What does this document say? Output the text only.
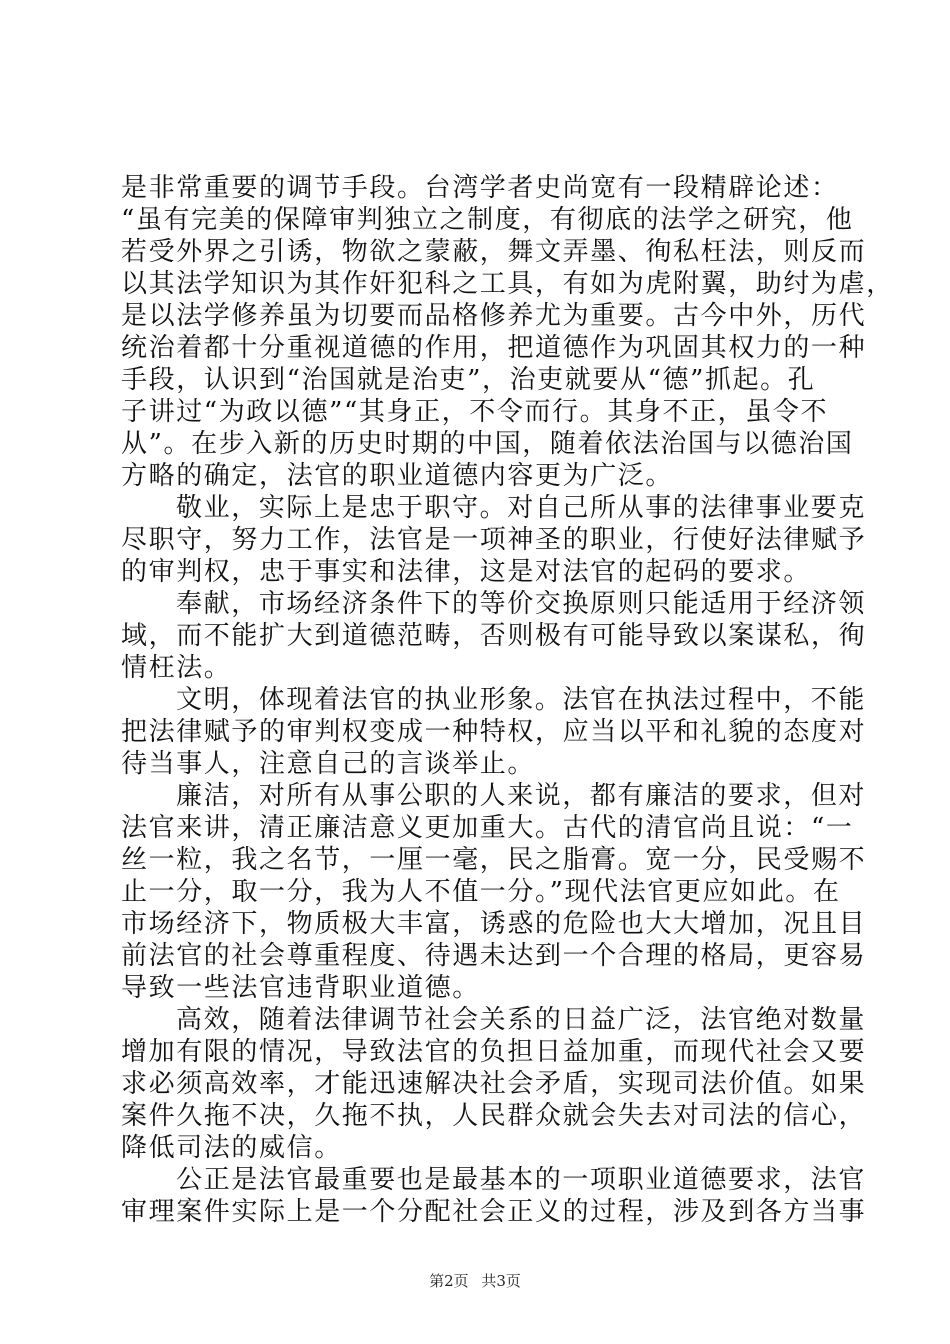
是非常重要的调节手段。台湾学者史尚宽有一段精辟论述：
“虽有完美的保障审判独立之制度，有彻底的法学之研究，他
若受外界之引诱，物欲之蒙蔽，舞文弄墨、徇私枉法，则反而
以其法学知识为其作奸犯科之工具，有如为虎附翼，助纣为虐，
是以法学修养虽为切要而品格修养尤为重要。古今中外，历代
统治着都十分重视道德的作用，把道德作为巩固其权力的一种
手段，认识到“治国就是治吏”，治吏就要从“德”抓起。孔
子讲过“为政以德”“其身正，不令而行。其身不正，虽令不
从”。在步入新的历史时期的中国，随着依法治国与以德治国
方略的确定，法官的职业道德内容更为广泛。
敬业，实际上是忠于职守。对自己所从事的法律事业要克
尽职守，努力工作，法官是一项神圣的职业，行使好法律赋予
的审判权，忠于事实和法律，这是对法官的起码的要求。
奉献，市场经济条件下的等价交换原则只能适用于经济领
域，而不能扩大到道德范畴，否则极有可能导致以案谋私，徇
情枉法。
文明，体现着法官的执业形象。法官在执法过程中，不能
把法律赋予的审判权变成一种特权，应当以平和礼貌的态度对
待当事人，注意自己的言谈举止。
廉洁，对所有从事公职的人来说，都有廉洁的要求，但对
法官来讲，清正廉洁意义更加重大。古代的清官尚且说：“一
丝一粒，我之名节，一厘一毫，民之脂膏。宽一分，民受赐不
止一分，取一分，我为人不值一分。”现代法官更应如此。在
市场经济下，物质极大丰富，诱惑的危险也大大增加，况且目
前法官的社会尊重程度、待遇未达到一个合理的格局，更容易
导致一些法官违背职业道德。
高效，随着法律调节社会关系的日益广泛，法官绝对数量
增加有限的情况，导致法官的负担日益加重，而现代社会又要
求必须高效率，才能迅速解决社会矛盾，实现司法价值。如果
案件久拖不决，久拖不执，人民群众就会失去对司法的信心，
降低司法的威信。
公正是法官最重要也是最基本的一项职业道德要求，法官
审理案件实际上是一个分配社会正义的过程，涉及到各方当事
第2页 共3页
